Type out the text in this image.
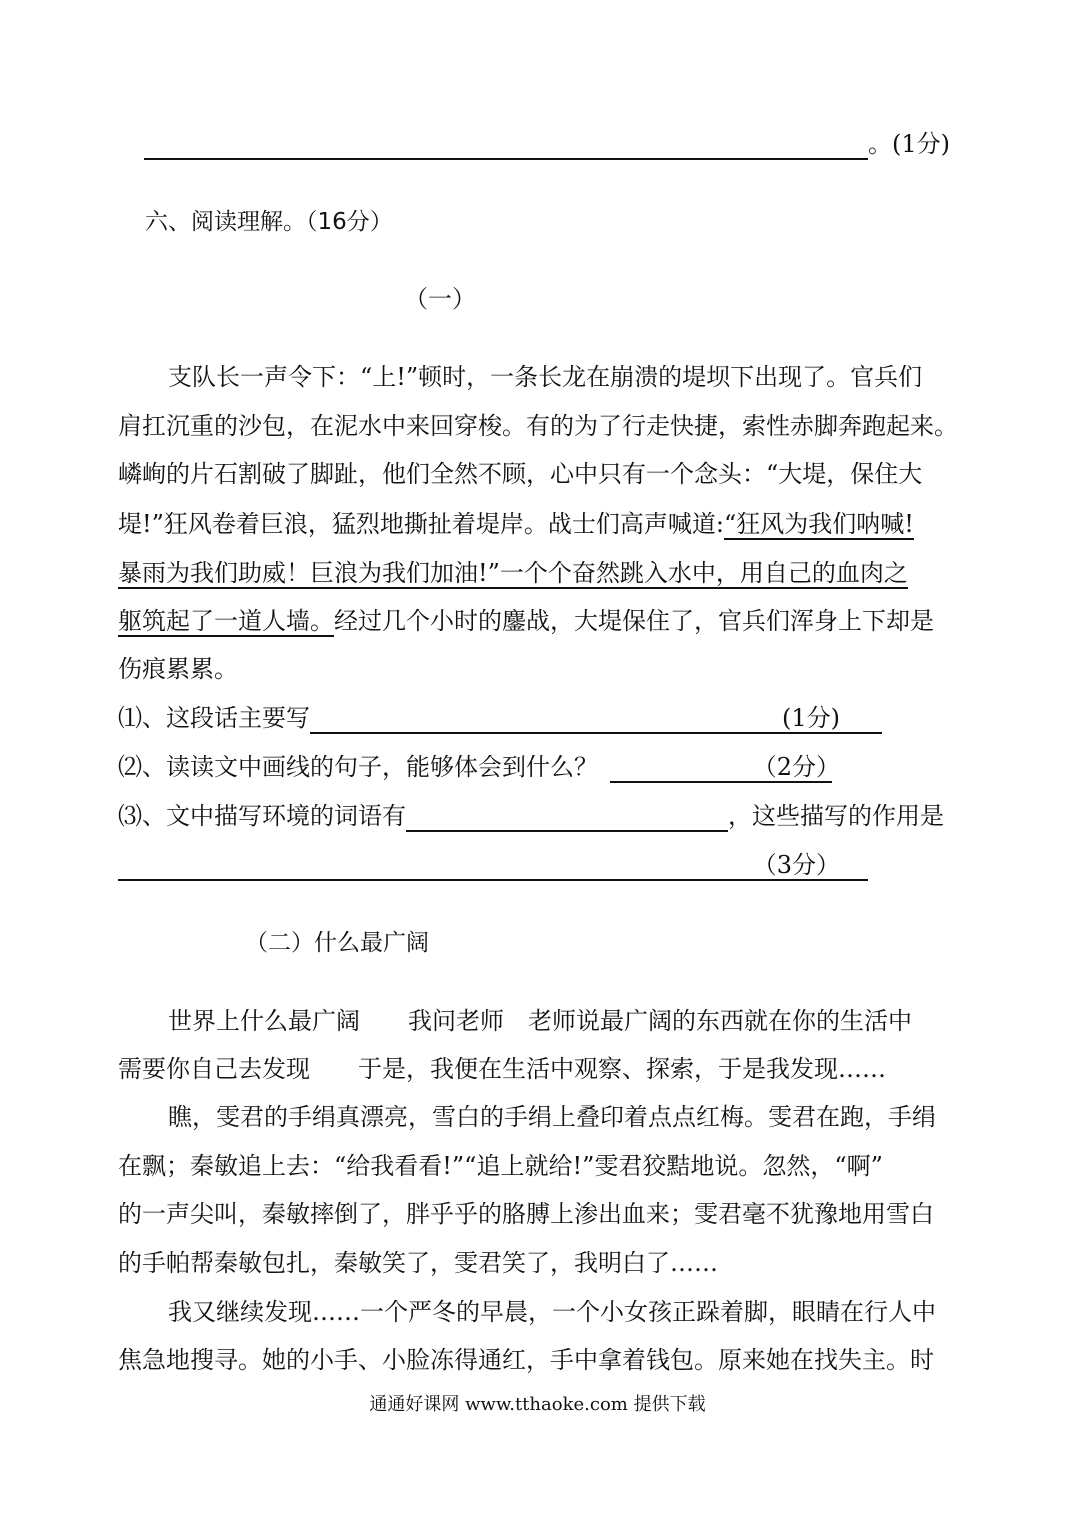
。(1分)
六、阅读理解。（16分）
（一）
支队长一声令下：“上!”顿时，一条长龙在崩溃的堤坝下出现了。官兵们
肩扛沉重的沙包，在泥水中来回穿梭。有的为了行走快捷，索性赤脚奔跑起来。
嶙峋的片石割破了脚趾，他们全然不顾，心中只有一个念头：“大堤，保住大
堤!”狂风卷着巨浪，猛烈地撕扯着堤岸。战士们高声喊道:“狂风为我们呐喊!
暴雨为我们助威！巨浪为我们加油!”一个个奋然跳入水中，用自己的血肉之
躯筑起了一道人墙。经过几个小时的鏖战，大堤保住了，官兵们浑身上下却是
伤痕累累。
⑴、这段话主要写	(1分)
⑵、读读文中画线的句子，能够体会到什么？	（2分）
⑶、文中描写环境的词语有	，这些描写的作用是
（3分）
（二）什么最广阔
世界上什么最广阔　　我问老师　老师说最广阔的东西就在你的生活中
需要你自己去发现　　于是，我便在生活中观察、探索，于是我发现……
瞧，雯君的手绢真漂亮，雪白的手绢上叠印着点点红梅。雯君在跑，手绢
在飘；秦敏追上去：“给我看看!”“追上就给!”雯君狡黠地说。忽然，“啊”
的一声尖叫，秦敏摔倒了，胖乎乎的胳膊上渗出血来；雯君毫不犹豫地用雪白
的手帕帮秦敏包扎，秦敏笑了，雯君笑了，我明白了……
我又继续发现……一个严冬的早晨，一个小女孩正跺着脚，眼睛在行人中
焦急地搜寻。她的小手、小脸冻得通红，手中拿着钱包。原来她在找失主。时
通通好课网 www.tthaoke.com 提供下载
